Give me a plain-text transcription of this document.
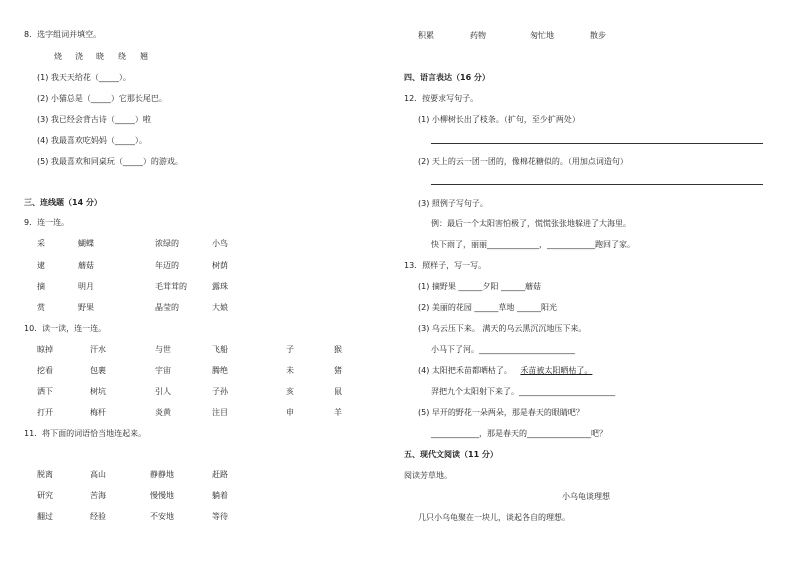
8．选字组词并填空。
烧 浇 晓 绕 翘
(1) 我天天给花（_____）。
(2) 小猫总是（_____）它那长尾巴。
(3) 我已经会背古诗（_____）啦
(4) 我最喜欢吃妈妈（_____）。
(5) 我最喜欢和同桌玩（_____）的游戏。
三、连线题（14 分）
9．连一连。
采	蝴蝶	浓绿的	小鸟
逮	蘑菇	年迈的	树荫
摘	明月	毛茸茸的	露珠
赏	野果	晶莹的	大娘
10．读一读，连一连。
晾掉	汗水	与世	飞船	子	猴
挖看	包裹	宇宙	腾绝	未	猪
洒下	树坑	引人	子孙	亥	鼠
打开	梅杆	炎黄	注目	申	羊
11．将下面的词语恰当地连起来。
脱离	高山	静静地	赶路
研究	苦海	慢慢地	躺着
翻过	经验	不安地	等待
积累	药物	匆忙地	散步
四、语言表达（16 分）
12．按要求写句子。
(1) 小柳树长出了枝条。（扩句，至少扩两处）
(2) 天上的云一团一团的，像棉花糖似的。（用加点词造句）
(3) 照例子写句子。
例：最后一个太阳害怕极了，慌慌张张地躲进了大海里。
快下雨了，丽丽_____________，____________跑回了家。
13．照样子，写一写。
(1) 摘野果 ______夕阳 ______蘑菇
(2) 美丽的花园 ______草地 ______阳光
(3) 乌云压下来。 满天的乌云黑沉沉地压下来。
小马下了河。________________________
(4) 太阳把禾苗都晒枯了。 禾苗被太阳晒枯了。
羿把九个太阳射下来了。________________________
(5) 早开的野花一朵两朵，那是春天的眼睛吧？
____________，那是春天的________________吧？
五、现代文阅读（11 分）
阅读芳草地。
小乌龟谈理想
几只小乌龟聚在一块儿，谈起各自的理想。
